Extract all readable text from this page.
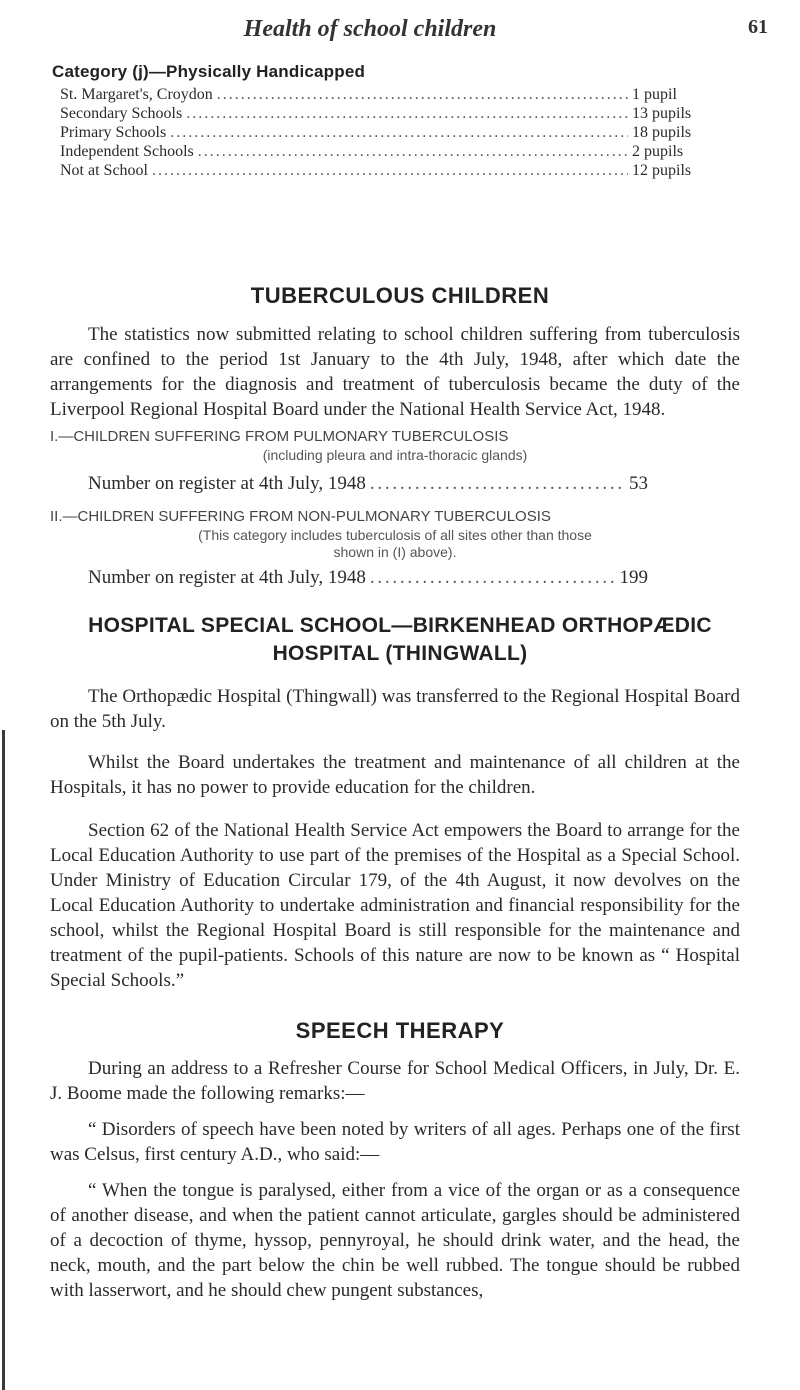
Health of school children	61
Category (j)—Physically Handicapped
St. Margaret's, Croydon . . .	1 pupil
Secondary Schools . . .	13 pupils
Primary Schools . . .	18 pupils
Independent Schools . . .	2 pupils
Not at School . . .	12 pupils
TUBERCULOUS CHILDREN

The statistics now submitted relating to school children suffering from tuberculosis are confined to the period 1st January to the 4th July, 1948, after which date the arrangements for the diagnosis and treatment of tuberculosis became the duty of the Liverpool Regional Hospital Board under the National Health Service Act, 1948.

I.—CHILDREN SUFFERING FROM PULMONARY TUBERCULOSIS

(including pleura and intra-thoracic glands)

Number on register at 4th July, 1948 . . .	53

II.—CHILDREN SUFFERING FROM NON-PULMONARY TUBERCULOSIS

(This category includes tuberculosis of all sites other than those

shown in (I) above).

Number on register at 4th July, 1948 . . .	199

HOSPITAL SPECIAL SCHOOL—BIRKENHEAD ORTHOPÆDIC

HOSPITAL (THINGWALL)

The Orthopædic Hospital (Thingwall) was transferred to the Regional Hospital Board on the 5th July.

Whilst the Board undertakes the treatment and maintenance of all children at the Hospitals, it has no power to provide education for the children.

Section 62 of the National Health Service Act empowers the Board to arrange for the Local Education Authority to use part of the premises of the Hospital as a Special School. Under Ministry of Education Circular 179, of the 4th August, it now devolves on the Local Education Authority to undertake administration and financial responsibility for the school, whilst the Regional Hospital Board is still responsible for the maintenance and treatment of the pupil-patients. Schools of this nature are now to be known as “ Hospital Special Schools.”

SPEECH THERAPY

During an address to a Refresher Course for School Medical Officers, in July, Dr. E. J. Boome made the following remarks:—

“ Disorders of speech have been noted by writers of all ages. Perhaps one of the first was Celsus, first century A.D., who said:—

“ When the tongue is paralysed, either from a vice of the organ or as a consequence of another disease, and when the patient cannot articulate, gargles should be administered of a decoction of thyme, hyssop, pennyroyal, he should drink water, and the head, the neck, mouth, and the part below the chin be well rubbed. The tongue should be rubbed with lasserwort, and he should chew pungent substances,
